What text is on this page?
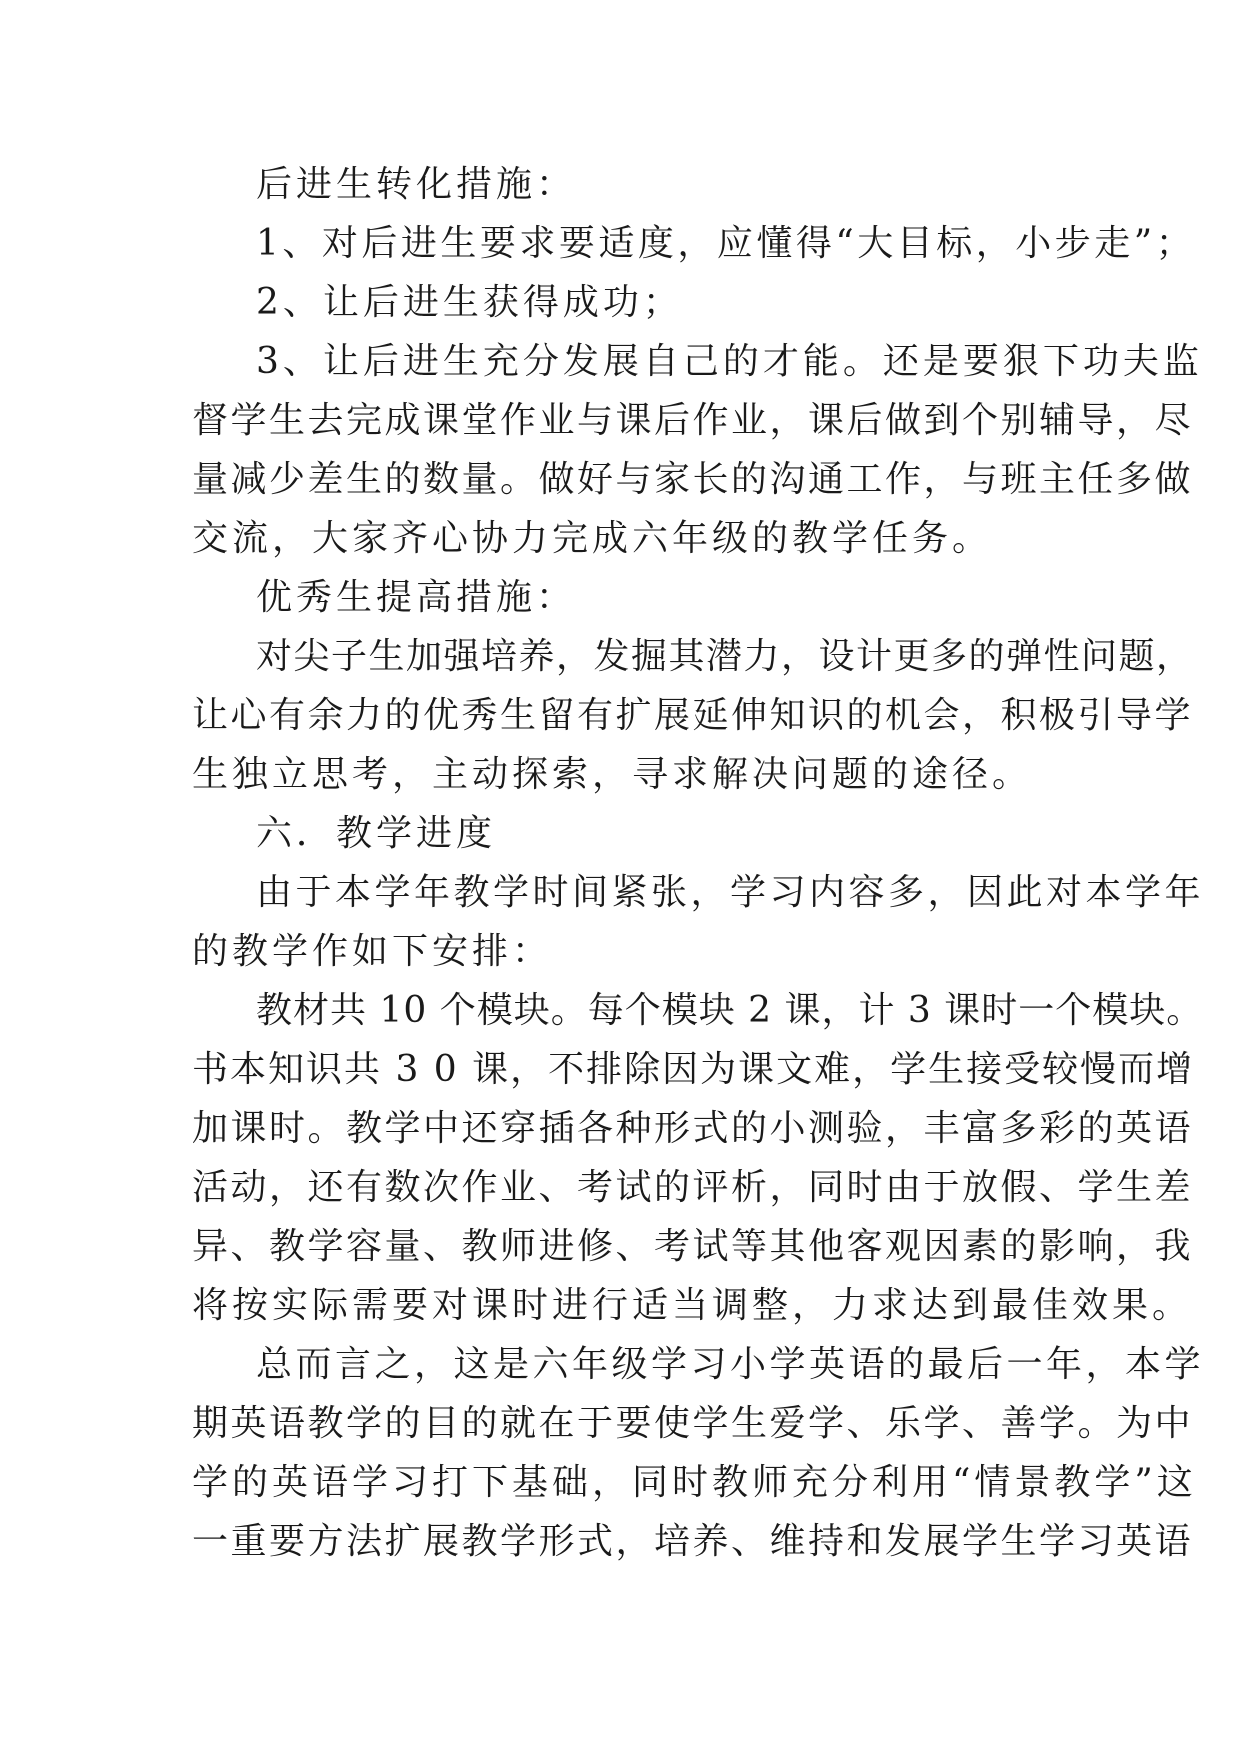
后进生转化措施：

1、对后进生要求要适度，应懂得“大目标，小步走”；

2、让后进生获得成功；

3、让后进生充分发展自己的才能。还是要狠下功夫监

督学生去完成课堂作业与课后作业，课后做到个别辅导，尽

量减少差生的数量。做好与家长的沟通工作，与班主任多做

交流，大家齐心协力完成六年级的教学任务。

优秀生提高措施：

对尖子生加强培养，发掘其潜力，设计更多的弹性问题，

让心有余力的优秀生留有扩展延伸知识的机会，积极引导学

生独立思考，主动探索，寻求解决问题的途径。

六．教学进度

由于本学年教学时间紧张，学习内容多，因此对本学年

的教学作如下安排：

教材共 10 个模块。每个模块 2 课，计 3 课时一个模块。

书本知识共 3 0 课，不排除因为课文难，学生接受较慢而增

加课时。教学中还穿插各种形式的小测验，丰富多彩的英语

活动，还有数次作业、考试的评析，同时由于放假、学生差

异、教学容量、教师进修、考试等其他客观因素的影响，我

将按实际需要对课时进行适当调整，力求达到最佳效果。

总而言之，这是六年级学习小学英语的最后一年，本学

期英语教学的目的就在于要使学生爱学、乐学、善学。为中

学的英语学习打下基础，同时教师充分利用“情景教学”这

一重要方法扩展教学形式，培养、维持和发展学生学习英语
